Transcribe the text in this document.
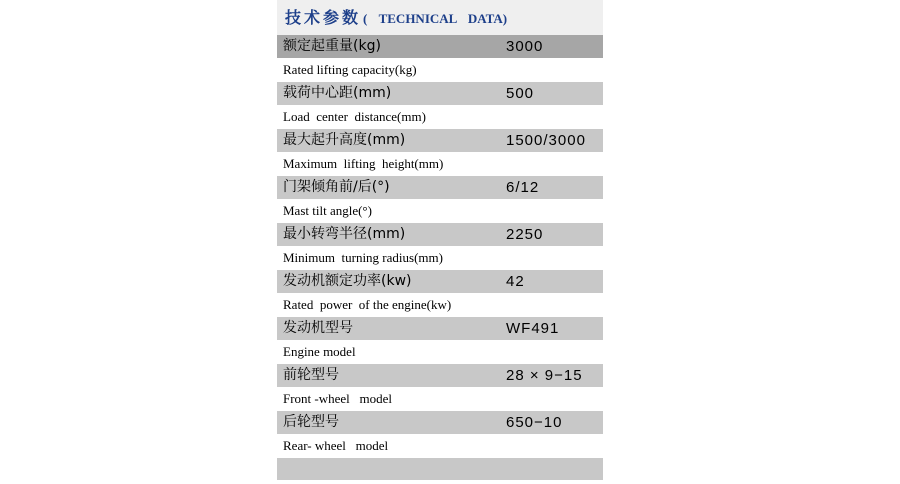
技术参数 ( TECHNICAL DATA)
额定起重量(kg)	3000
Rated lifting capacity(kg)
载荷中心距(mm)	500
Load  center  distance(mm)
最大起升高度(mm)	1500/3000
Maximum  lifting  height(mm)
门架倾角前/后(°)	6/12
Mast tilt angle(°)
最小转弯半径(mm)	2250
Minimum  turning radius(mm)
发动机额定功率(kw)	42
Rated  power  of the engine(kw)
发动机型号	WF491
Engine model
前轮型号	28 × 9−15
Front -wheel   model
后轮型号	650−10
Rear- wheel   model
